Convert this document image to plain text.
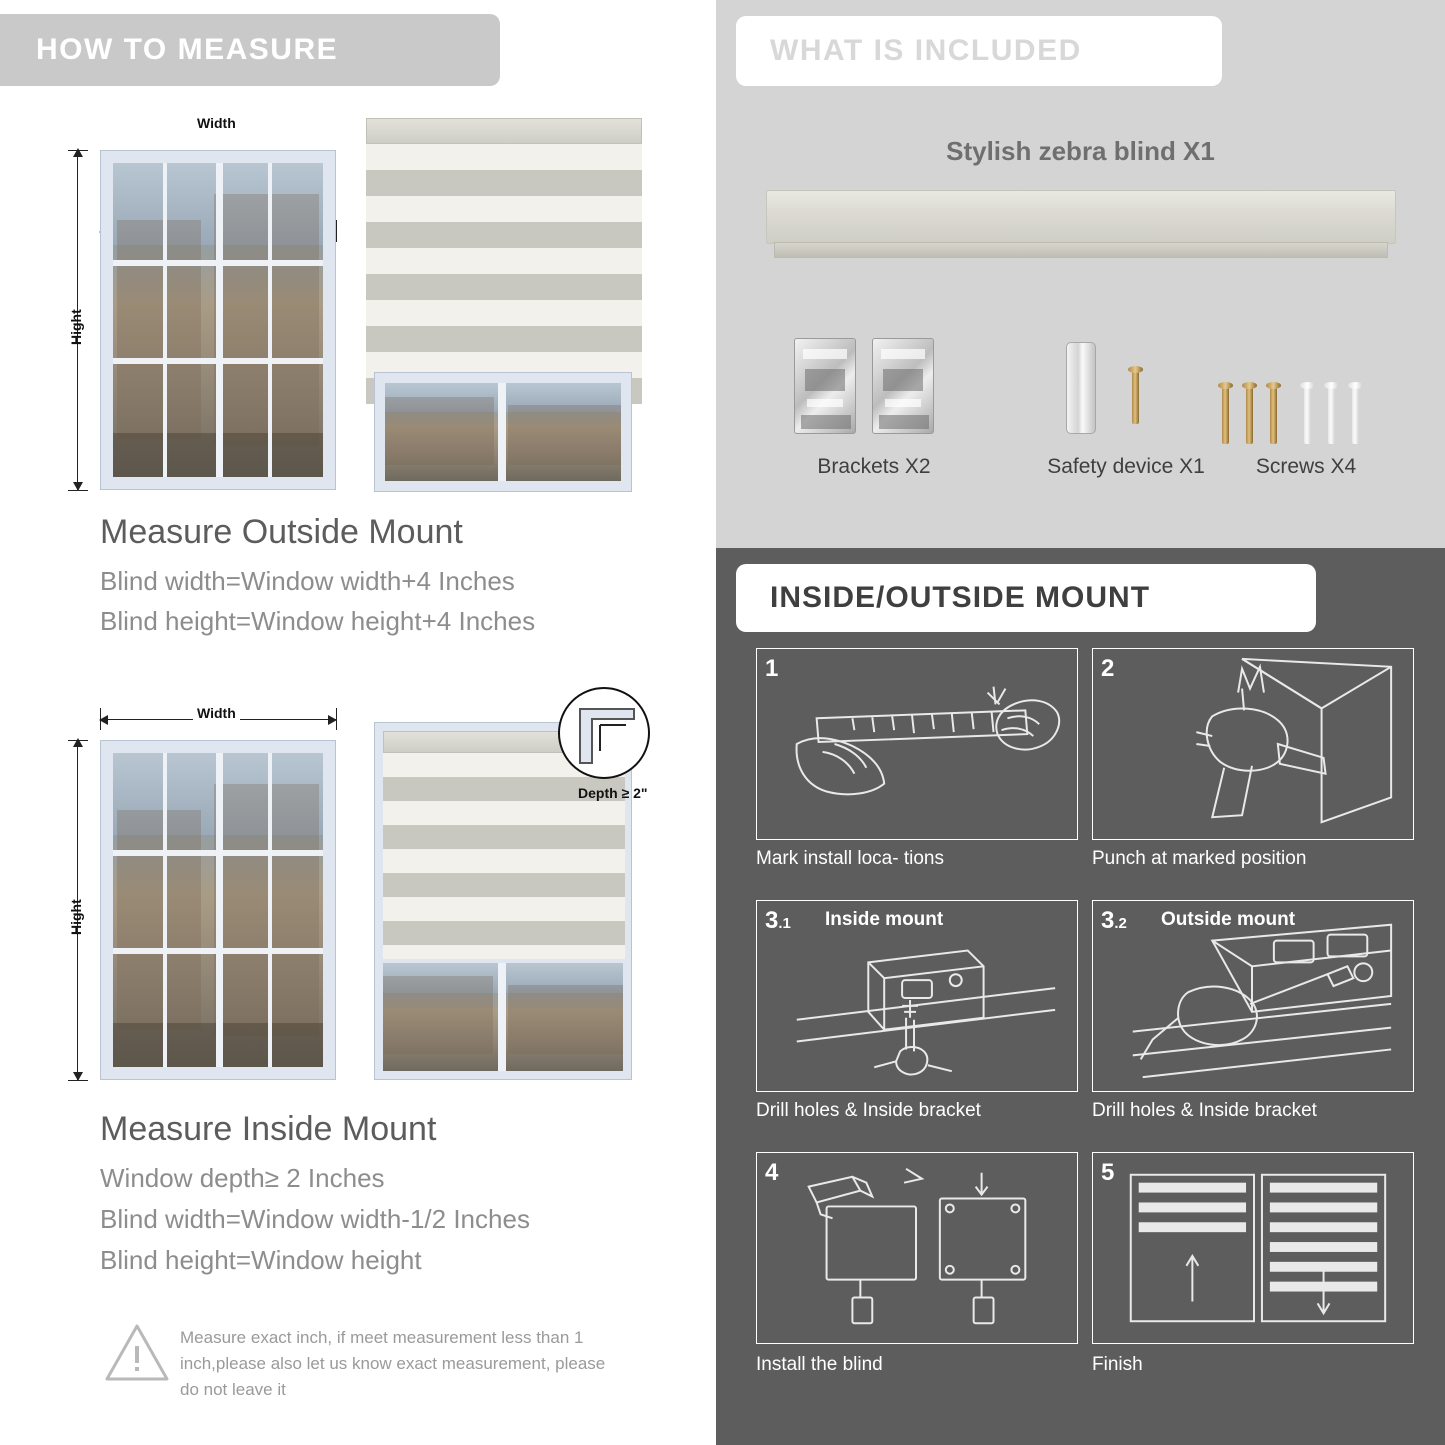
HOW TO MEASURE
Width
Hight
Measure Outside Mount
Blind width=Window width+4 Inches
Blind height=Window height+4 Inches
Width
Hight
Depth ≥ 2"
Measure Inside Mount
Window depth≥ 2 Inches
Blind width=Window width-1/2 Inches
Blind height=Window height
Measure exact inch, if meet measurement less than 1 inch,please also let us know exact measurement, please do not leave it
WHAT IS INCLUDED
Stylish zebra blind X1
Brackets X2	Safety device X1	Screws X4
INSIDE/OUTSIDE MOUNT
1
Mark install loca- tions
2
Punch at marked position
3.1 Inside mount
Drill holes & Inside bracket
3.2 Outside mount
Drill holes & Inside bracket
4
Install the blind
5
Finish
